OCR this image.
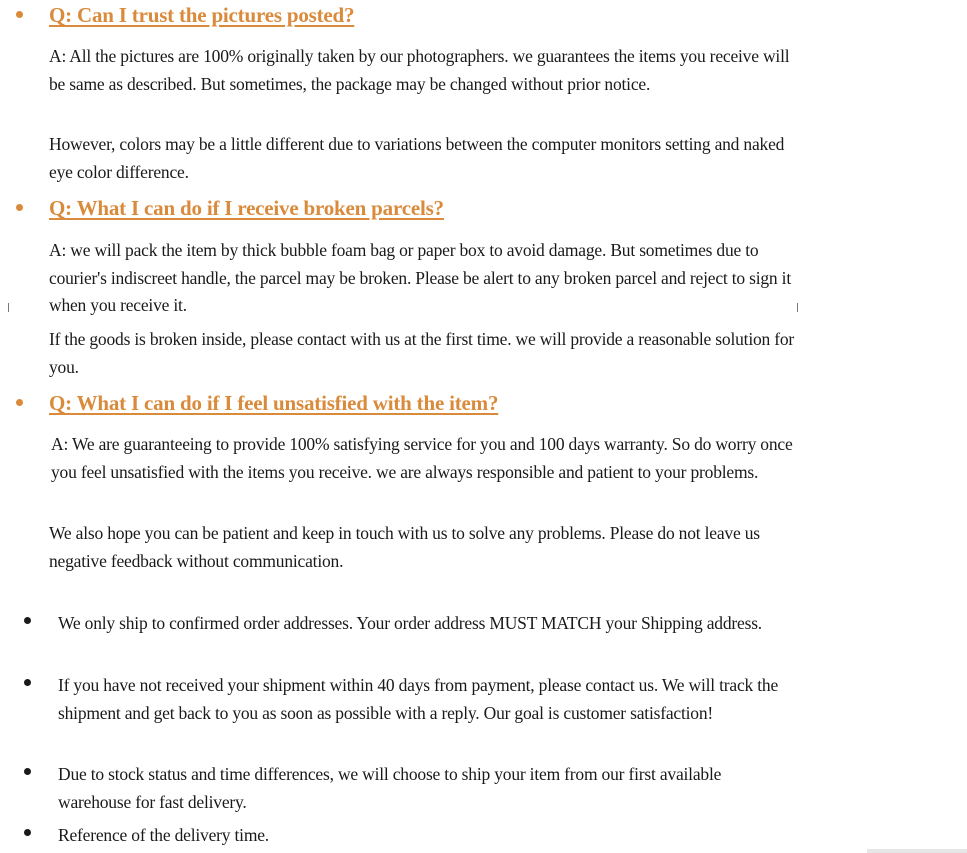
Q: Can I trust the pictures posted?
A: All the pictures are 100% originally taken by our photographers. we guarantees the items you receive will be same as described. But sometimes, the package may be changed without prior notice.
However, colors may be a little different due to variations between the computer monitors setting and naked eye color difference.
Q: What I can do if I receive broken parcels?
A: we will pack the item by thick bubble foam bag or paper box to avoid damage. But sometimes due to courier's indiscreet handle, the parcel may be broken. Please be alert to any broken parcel and reject to sign it when you receive it.
If the goods is broken inside, please contact with us at the first time. we will provide a reasonable solution for you.
Q: What I can do if I feel unsatisfied with the item?
A: We are guaranteeing to provide 100% satisfying service for you and 100 days warranty. So do worry once you feel unsatisfied with the items you receive. we are always responsible and patient to your problems.
We also hope you can be patient and keep in touch with us to solve any problems. Please do not leave us negative feedback without communication.
We only ship to confirmed order addresses. Your order address MUST MATCH your Shipping address.
If you have not received your shipment within 40 days from payment, please contact us. We will track the shipment and get back to you as soon as possible with a reply. Our goal is customer satisfaction!
Due to stock status and time differences, we will choose to ship your item from our first available warehouse for fast delivery.
Reference of the delivery time.
